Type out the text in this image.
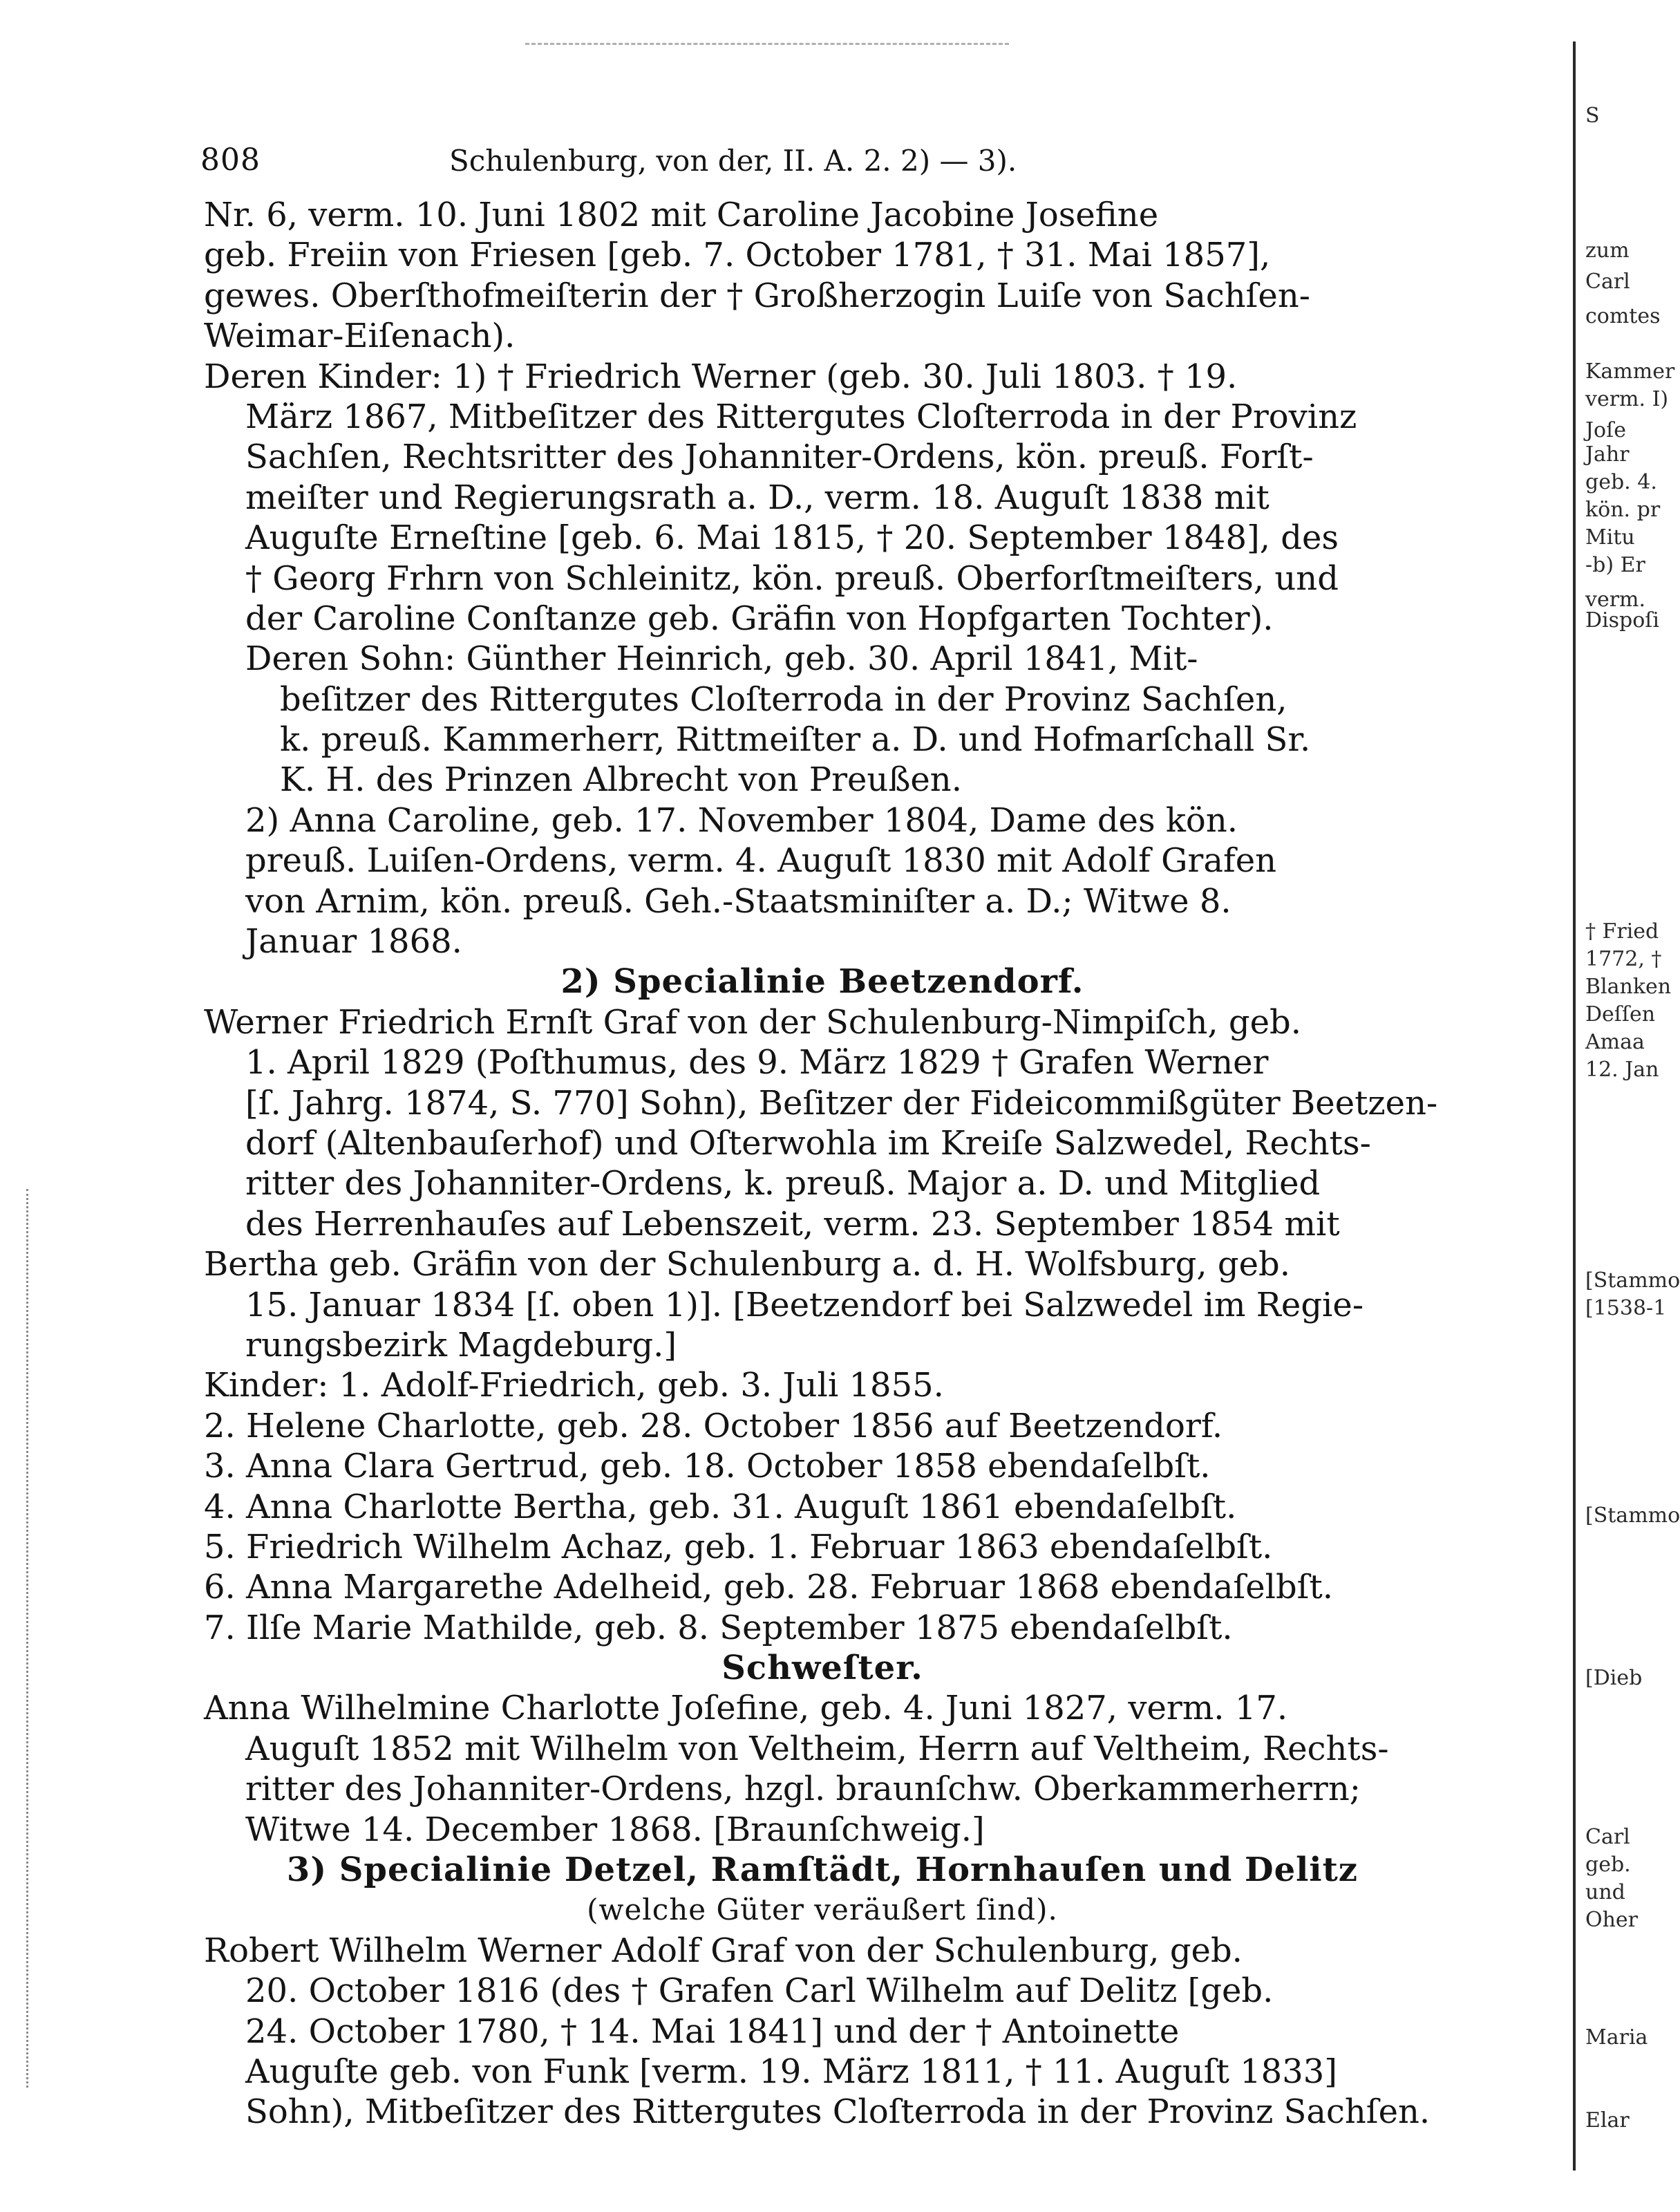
808	Schulenburg, von der, II. A. 2. 2) — 3).
Nr. 6, verm. 10. Juni 1802 mit Caroline Jacobine Josefine
geb. Freiin von Friesen [geb. 7. October 1781, † 31. Mai 1857],
gewes. Oberſthofmeiſterin der † Großherzogin Luiſe von Sachſen-
Weimar-Eiſenach).
Deren Kinder: 1) † Friedrich Werner (geb. 30. Juli 1803. † 19.
März 1867, Mitbeſitzer des Rittergutes Cloſterroda in der Provinz
Sachſen, Rechtsritter des Johanniter-Ordens, kön. preuß. Forſt-
meiſter und Regierungsrath a. D., verm. 18. Auguſt 1838 mit
Auguſte Erneſtine [geb. 6. Mai 1815, † 20. September 1848], des
† Georg Frhrn von Schleinitz, kön. preuß. Oberforſtmeiſters, und
der Caroline Conſtanze geb. Gräfin von Hopfgarten Tochter).
Deren Sohn: Günther Heinrich, geb. 30. April 1841, Mit-
beſitzer des Rittergutes Cloſterroda in der Provinz Sachſen,
k. preuß. Kammerherr, Rittmeiſter a. D. und Hofmarſchall Sr.
K. H. des Prinzen Albrecht von Preußen.
2) Anna Caroline, geb. 17. November 1804, Dame des kön.
preuß. Luiſen-Ordens, verm. 4. Auguſt 1830 mit Adolf Grafen
von Arnim, kön. preuß. Geh.-Staatsminiſter a. D.; Witwe 8.
Januar 1868.
2) Specialinie Beetzendorf.
Werner Friedrich Ernſt Graf von der Schulenburg-Nimpiſch, geb.
1. April 1829 (Poſthumus, des 9. März 1829 † Grafen Werner
[ſ. Jahrg. 1874, S. 770] Sohn), Beſitzer der Fideicommißgüter Beetzen-
dorf (Altenbauſerhof) und Oſterwohla im Kreiſe Salzwedel, Rechts-
ritter des Johanniter-Ordens, k. preuß. Major a. D. und Mitglied
des Herrenhauſes auf Lebenszeit, verm. 23. September 1854 mit
Bertha geb. Gräfin von der Schulenburg a. d. H. Wolfsburg, geb.
15. Januar 1834 [ſ. oben 1)]. [Beetzendorf bei Salzwedel im Regie-
rungsbezirk Magdeburg.]
Kinder: 1. Adolf-Friedrich, geb. 3. Juli 1855.
2. Helene Charlotte, geb. 28. October 1856 auf Beetzendorf.
3. Anna Clara Gertrud, geb. 18. October 1858 ebendaſelbſt.
4. Anna Charlotte Bertha, geb. 31. Auguſt 1861 ebendaſelbſt.
5. Friedrich Wilhelm Achaz, geb. 1. Februar 1863 ebendaſelbſt.
6. Anna Margarethe Adelheid, geb. 28. Februar 1868 ebendaſelbſt.
7. Ilſe Marie Mathilde, geb. 8. September 1875 ebendaſelbſt.
Schweſter.
Anna Wilhelmine Charlotte Joſefine, geb. 4. Juni 1827, verm. 17.
Auguſt 1852 mit Wilhelm von Veltheim, Herrn auf Veltheim, Rechts-
ritter des Johanniter-Ordens, hzgl. braunſchw. Oberkammerherrn;
Witwe 14. December 1868. [Braunſchweig.]
3) Specialinie Detzel, Ramſtädt, Hornhauſen und Delitz
(welche Güter veräußert ſind).
Robert Wilhelm Werner Adolf Graf von der Schulenburg, geb.
20. October 1816 (des † Grafen Carl Wilhelm auf Delitz [geb.
24. October 1780, † 14. Mai 1841] und der † Antoinette
Auguſte geb. von Funk [verm. 19. März 1811, † 11. Auguſt 1833]
Sohn), Mitbeſitzer des Rittergutes Cloſterroda in der Provinz Sachſen.
S
zum
Carl
comtes
Kammer
verm. I)
Joſe
Jahr
geb. 4.
kön. pr
Mitu
-b) Er
verm.
Dispoſi
† Fried
1772, †
Blanken
Deſſen
Amaa
12. Jan
[Stammo
[1538-1
[Stammo
[Dieb
Carl
geb.
und
Oher
Maria
Elar
